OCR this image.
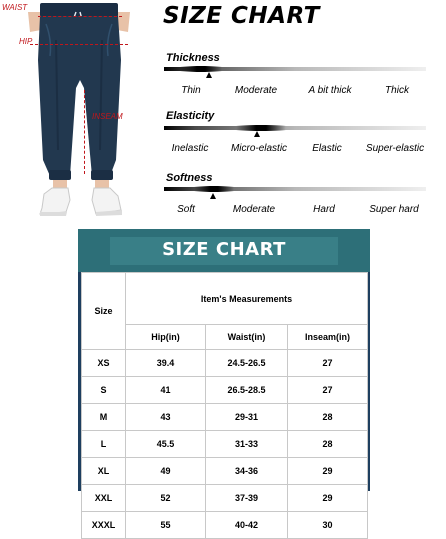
WAIST
HIP
INSEAM
SIZE CHART
Thickness
Thin	Moderate	A bit thick	Thick
Elasticity
Inelastic	Micro-elastic	Elastic	Super-elastic
Softness
Soft	Moderate	Hard	Super hard
SIZE CHART
Size	Item's Measurements		
	Hip(in)	Waist(in)	Inseam(in)
XS	39.4	24.5-26.5	27
S	41	26.5-28.5	27
M	43	29-31	28
L	45.5	31-33	28
XL	49	34-36	29
XXL	52	37-39	29
XXXL	55	40-42	30
